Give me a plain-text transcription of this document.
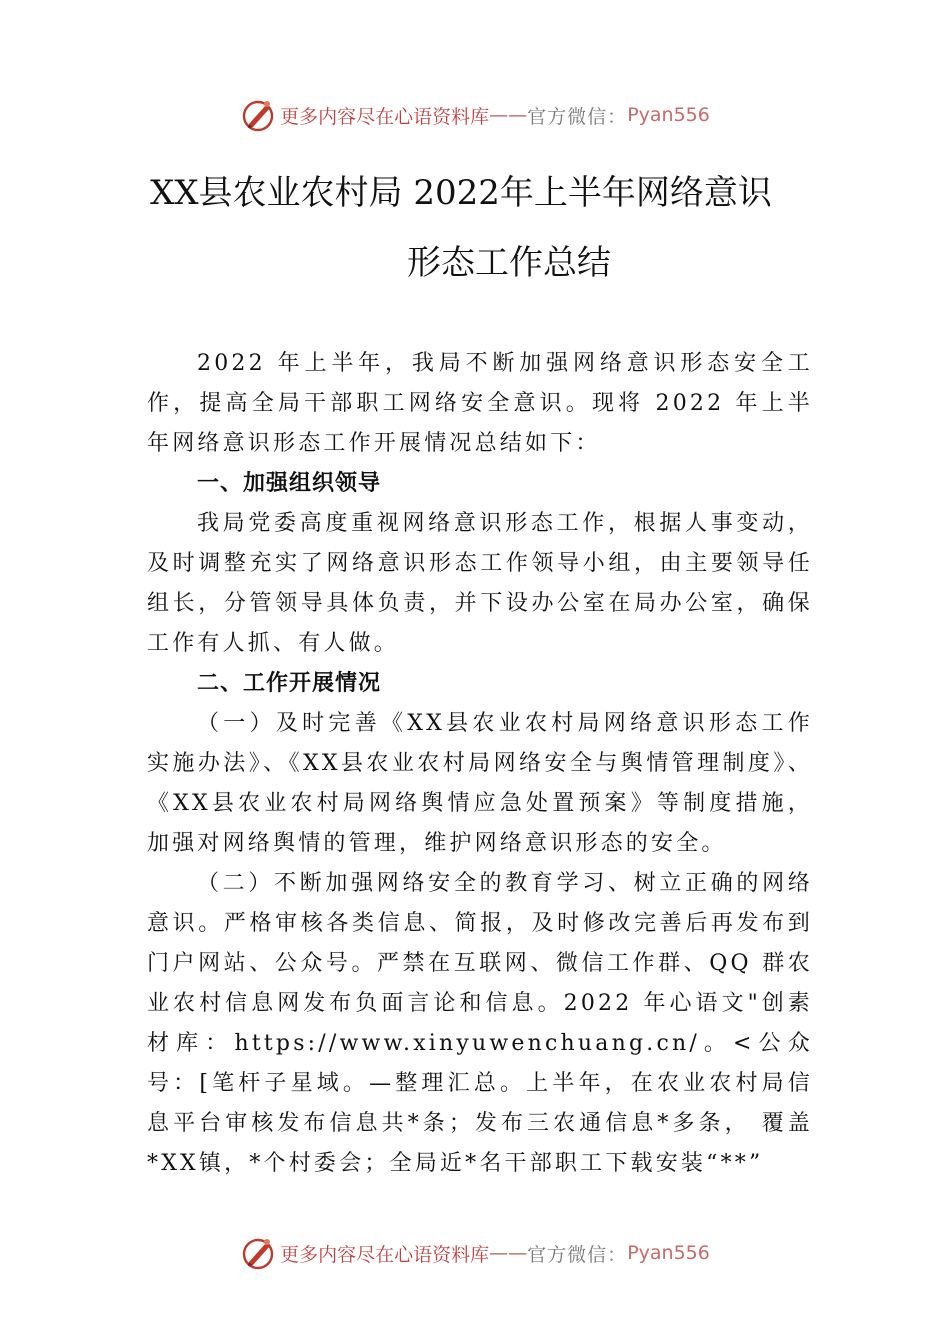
更多内容尽在心语资料库 —— 官方微信： Pyan556
XX县农业农村局 2022年上半年网络意识
形态工作总结

2022 年上半年，我局不断加强网络意识形态安全工作，提高全局干部职工网络安全意识。现将 2022 年上半年网络意识形态工作开展情况总结如下：

一、加强组织领导

我局党委高度重视网络意识形态工作，根据人事变动，及时调整充实了网络意识形态工作领导小组，由主要领导任组长，分管领导具体负责，并下设办公室在局办公室，确保工作有人抓、有人做。

二、工作开展情况

（一）及时完善《XX县农业农村局网络意识形态工作实施办法》、《XX县农业农村局网络安全与舆情管理制度》、《XX县农业农村局网络舆情应急处置预案》等制度措施，加强对网络舆情的管理，维护网络意识形态的安全。

（二）不断加强网络安全的教育学习、树立正确的网络意识。严格审核各类信息、简报，及时修改完善后再发布到门户网站、公众号。严禁在互联网、微信工作群、QQ 群农业农村信息网发布负面言论和信息。2022 年心语文"创素材库：https://www.xinyuwenchuang.cn/。<公众号：[笔杆子星域。—整理汇总。上半年，在农业农村局信息平台审核发布信息共*条；发布三农通信息*多条， 覆盖*XX镇，*个村委会；全局近*名干部职工下载安装“**”

更多内容尽在心语资料库 —— 官方微信： Pyan556
